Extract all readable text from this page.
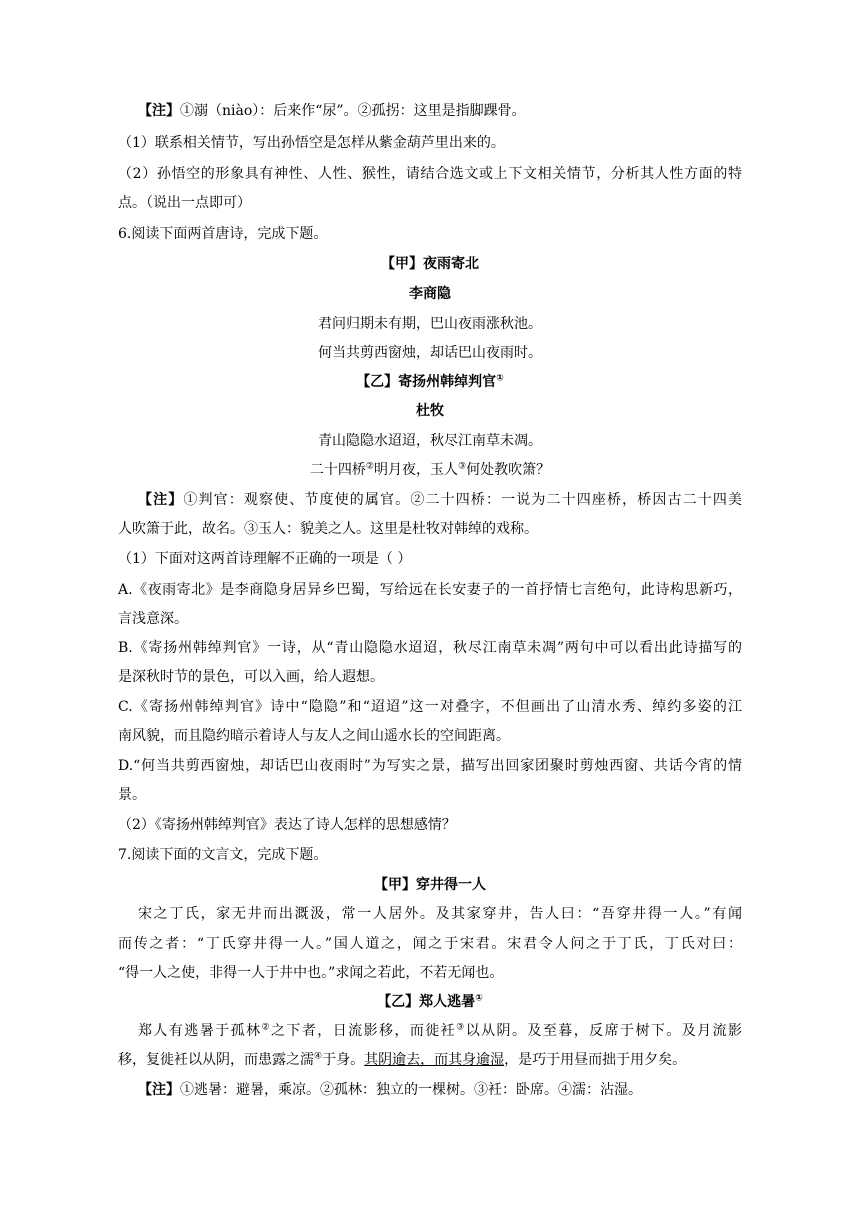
【注】①溺（niào）：后来作“尿”。②孤拐：这里是指脚踝骨。
（1）联系相关情节，写出孙悟空是怎样从紫金葫芦里出来的。
（2）孙悟空的形象具有神性、人性、猴性，请结合选文或上下文相关情节，分析其人性方面的特
点。（说出一点即可）
6.阅读下面两首唐诗，完成下题。
【甲】夜雨寄北
李商隐
君问归期未有期，巴山夜雨涨秋池。
何当共剪西窗烛，却话巴山夜雨时。
【乙】寄扬州韩绰判官①
杜牧
青山隐隐水迢迢，秋尽江南草未凋。
二十四桥②明月夜，玉人③何处教吹箫？
【注】①判官：观察使、节度使的属官。②二十四桥：一说为二十四座桥，桥因古二十四美
人吹箫于此，故名。③玉人：貌美之人。这里是杜牧对韩绰的戏称。
（1）下面对这两首诗理解不正确的一项是（ ）
A.《夜雨寄北》是李商隐身居异乡巴蜀，写给远在长安妻子的一首抒情七言绝句，此诗构思新巧，
言浅意深。
B.《寄扬州韩绰判官》一诗，从“青山隐隐水迢迢，秋尽江南草未凋”两句中可以看出此诗描写的
是深秋时节的景色，可以入画，给人遐想。
C.《寄扬州韩绰判官》诗中“隐隐”和“迢迢”这一对叠字，不但画出了山清水秀、绰约多姿的江
南风貌，而且隐约暗示着诗人与友人之间山遥水长的空间距离。
D.“何当共剪西窗烛，却话巴山夜雨时”为写实之景，描写出回家团聚时剪烛西窗、共话今宵的情
景。
（2）《寄扬州韩绰判官》表达了诗人怎样的思想感情？
7.阅读下面的文言文，完成下题。
【甲】穿井得一人
宋之丁氏，家无井而出溉汲，常一人居外。及其家穿井，告人曰：“吾穿井得一人。”有闻
而传之者：“丁氏穿井得一人。”国人道之，闻之于宋君。宋君令人问之于丁氏，丁氏对曰：
“得一人之使，非得一人于井中也。”求闻之若此，不若无闻也。
【乙】郑人逃暑①
郑人有逃暑于孤林②之下者，日流影移，而徙衽③以从阴。及至暮，反席于树下。及月流影
移，复徙衽以从阴，而患露之濡④于身。其阴逾去，而其身逾湿，是巧于用昼而拙于用夕矣。
【注】①逃暑：避暑，乘凉。②孤林：独立的一棵树。③衽：卧席。④濡：沾湿。
